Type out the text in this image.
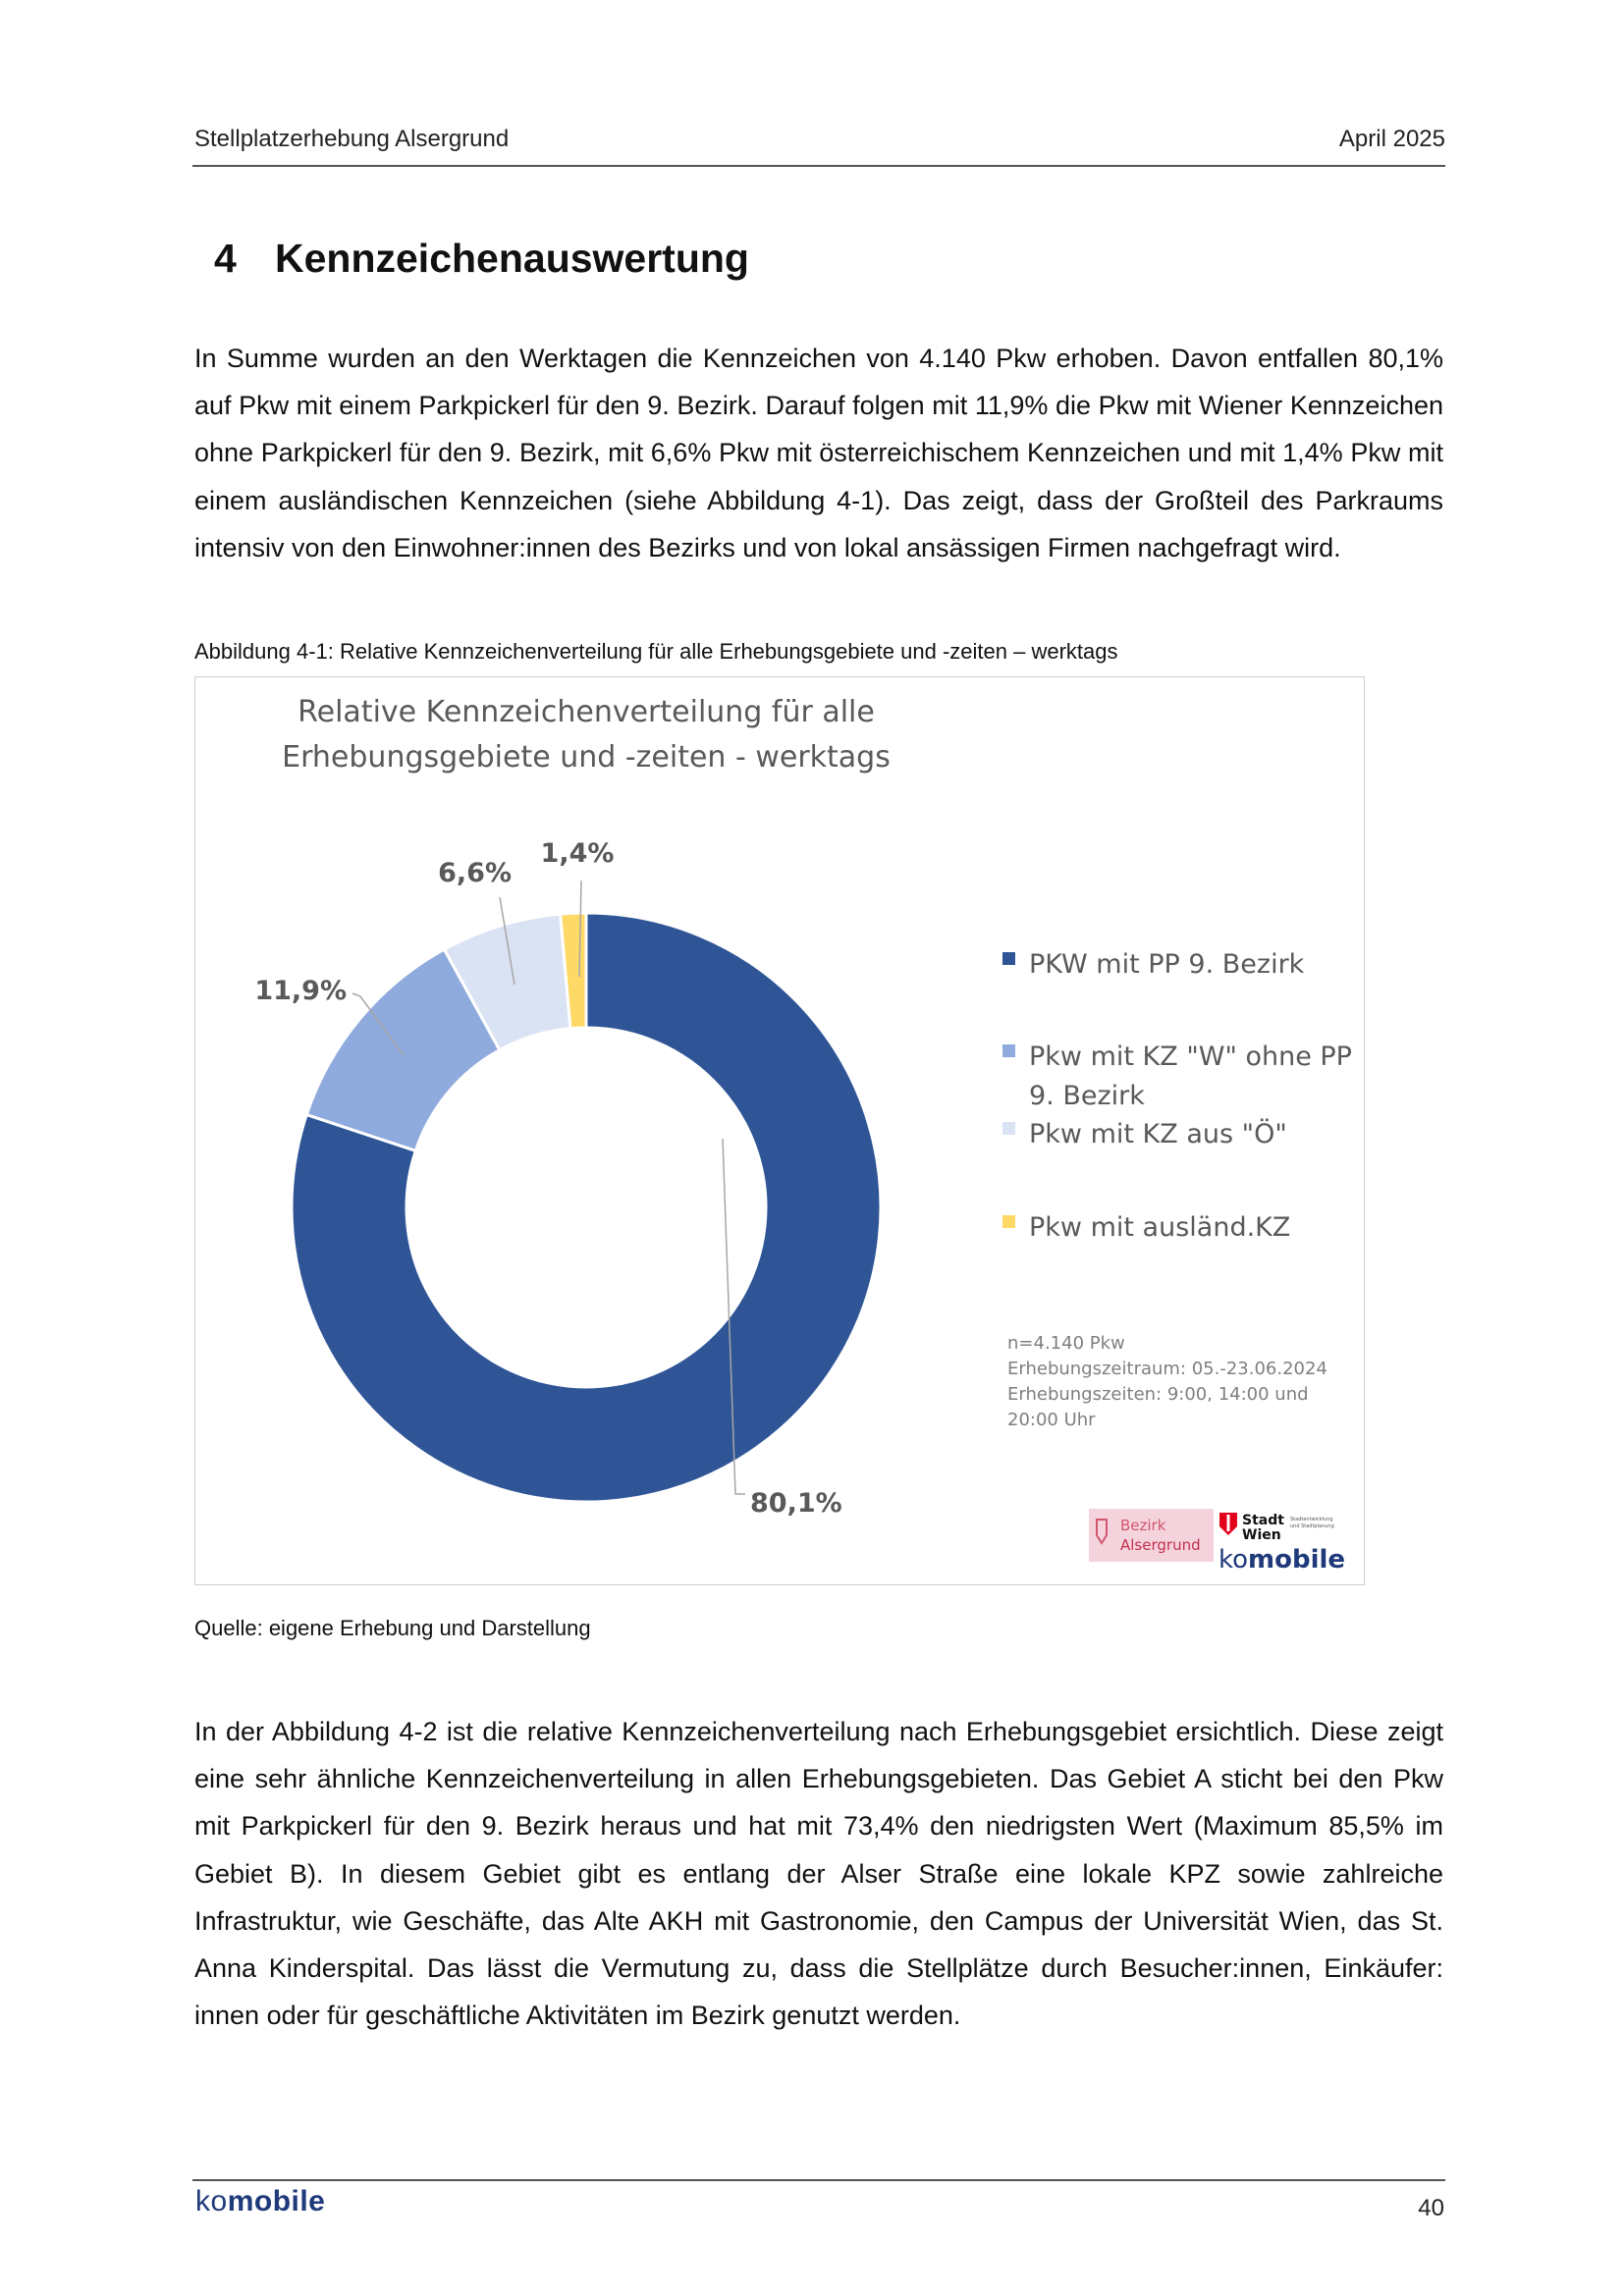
Stellplatzerhebung Alsergrund	April 2025
4 Kennzeichenauswertung

In Summe wurden an den Werktagen die Kennzeichen von 4.140 Pkw erhoben. Davon entfallen 80,1% auf Pkw mit einem Parkpickerl für den 9. Bezirk. Darauf folgen mit 11,9% die Pkw mit Wiener Kennzeichen ohne Parkpickerl für den 9. Bezirk, mit 6,6% Pkw mit österreichischem Kennzeichen und mit 1,4% Pkw mit einem ausländischen Kennzeichen (siehe Abbildung 4-1). Das zeigt, dass der Großteil des Parkraums intensiv von den Einwohner:innen des Bezirks und von lokal ansässigen Firmen nachgefragt wird.

Abbildung 4-1: Relative Kennzeichenverteilung für alle Erhebungsgebiete und -zeiten – werktags
Relative Kennzeichenverteilung für alle
Erhebungsgebiete und -zeiten - werktags
80,1%
11,9%
6,6%
1,4%
PKW mit PP 9. Bezirk
Pkw mit KZ "W" ohne PP
9. Bezirk
Pkw mit KZ aus "Ö"
Pkw mit ausländ.KZ
n=4.140 Pkw
Erhebungszeitraum: 05.-23.06.2024
Erhebungszeiten: 9:00, 14:00 und
20:00 Uhr
Bezirk
Alsergrund
Stadt
Wien
Stadtentwicklung
und Stadtplanung
komobile
Quelle: eigene Erhebung und Darstellung

In der Abbildung 4-2 ist die relative Kennzeichenverteilung nach Erhebungsgebiet ersichtlich. Diese zeigt eine sehr ähnliche Kennzeichenverteilung in allen Erhebungsgebieten. Das Gebiet A sticht bei den Pkw mit Parkpickerl für den 9. Bezirk heraus und hat mit 73,4% den niedrigsten Wert (Maximum 85,5% im Gebiet B). In diesem Gebiet gibt es entlang der Alser Straße eine lokale KPZ sowie zahlreiche Infrastruktur, wie Geschäfte, das Alte AKH mit Gastronomie, den Campus der Universität Wien, das St. Anna Kinderspital. Das lässt die Vermutung zu, dass die Stellplätze durch Besucher:innen, Einkäufer: innen oder für geschäftliche Aktivitäten im Bezirk genutzt werden.

komobile	40
